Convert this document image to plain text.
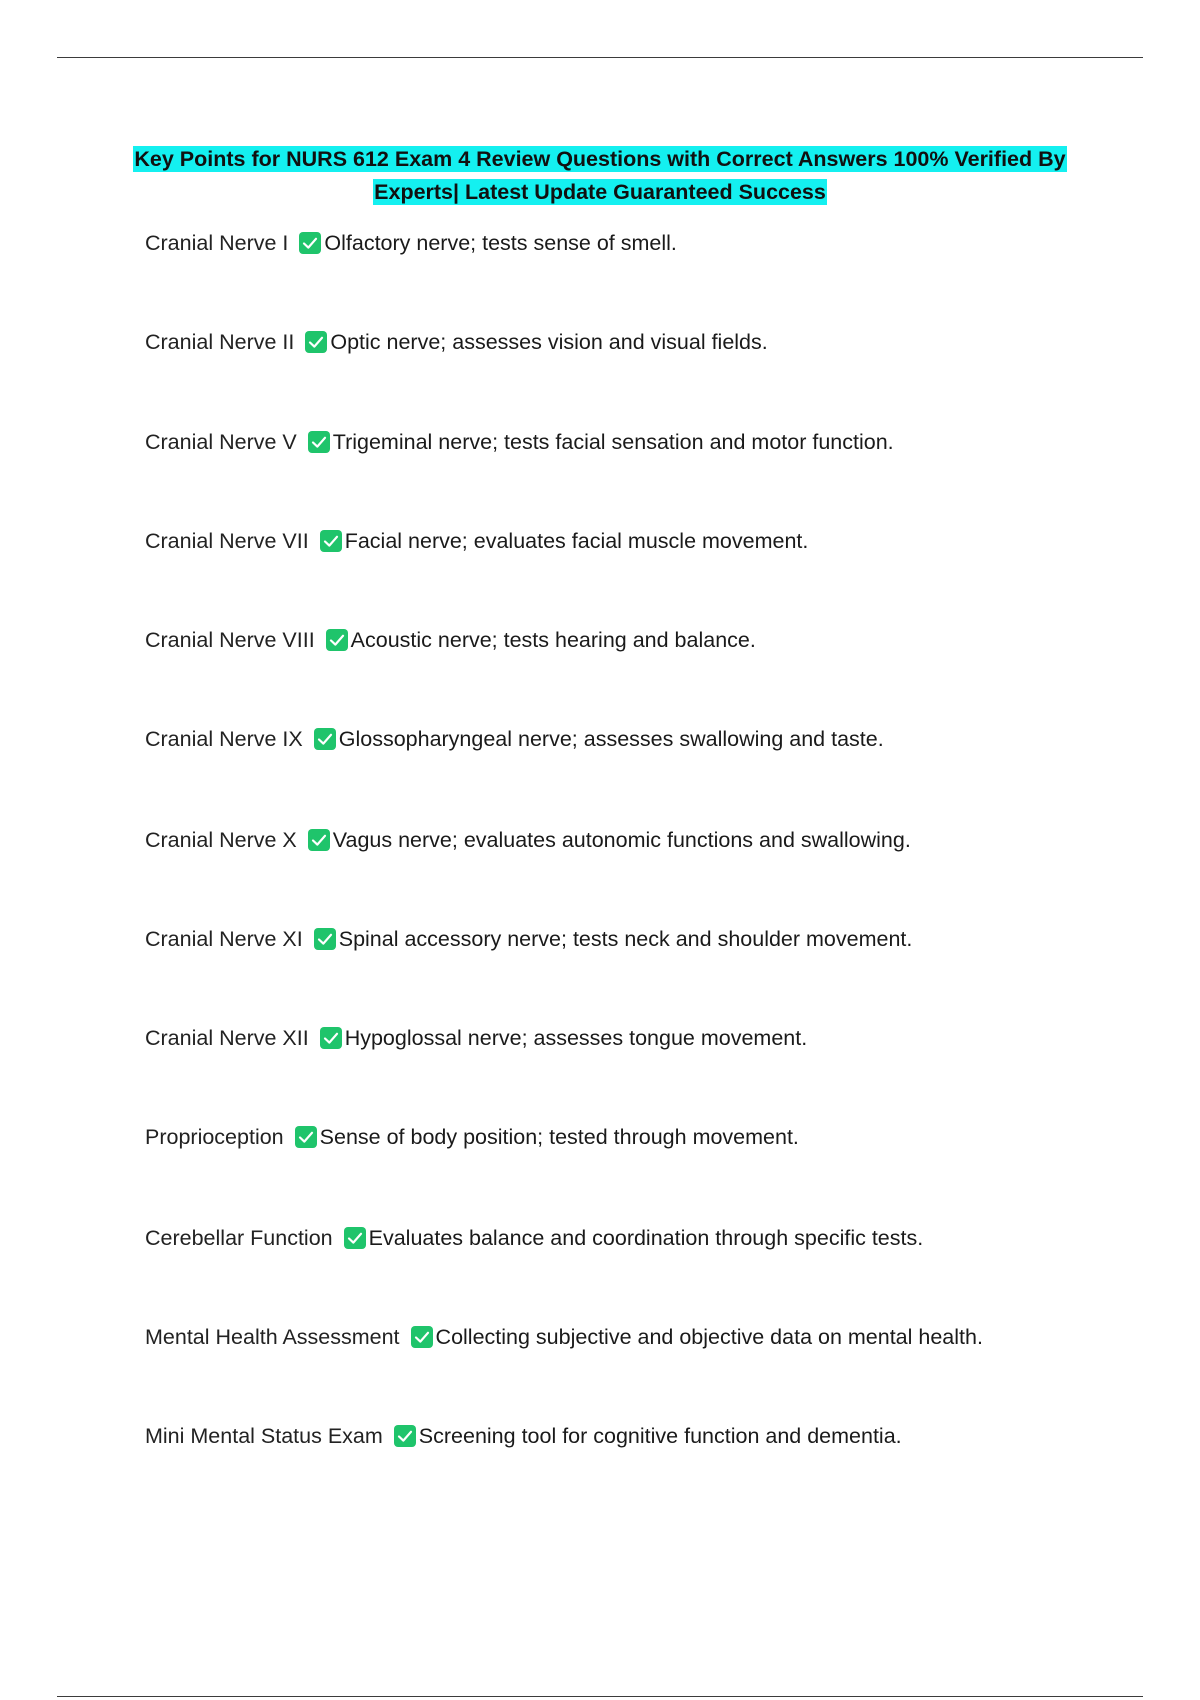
Key Points for NURS 612 Exam 4 Review Questions with Correct Answers 100% Verified By
Experts| Latest Update Guaranteed Success
Cranial Nerve I Olfactory nerve; tests sense of smell.
Cranial Nerve II Optic nerve; assesses vision and visual fields.
Cranial Nerve V Trigeminal nerve; tests facial sensation and motor function.
Cranial Nerve VII Facial nerve; evaluates facial muscle movement.
Cranial Nerve VIII Acoustic nerve; tests hearing and balance.
Cranial Nerve IX Glossopharyngeal nerve; assesses swallowing and taste.
Cranial Nerve X Vagus nerve; evaluates autonomic functions and swallowing.
Cranial Nerve XI Spinal accessory nerve; tests neck and shoulder movement.
Cranial Nerve XII Hypoglossal nerve; assesses tongue movement.
Proprioception Sense of body position; tested through movement.
Cerebellar Function Evaluates balance and coordination through specific tests.
Mental Health Assessment Collecting subjective and objective data on mental health.
Mini Mental Status Exam Screening tool for cognitive function and dementia.
